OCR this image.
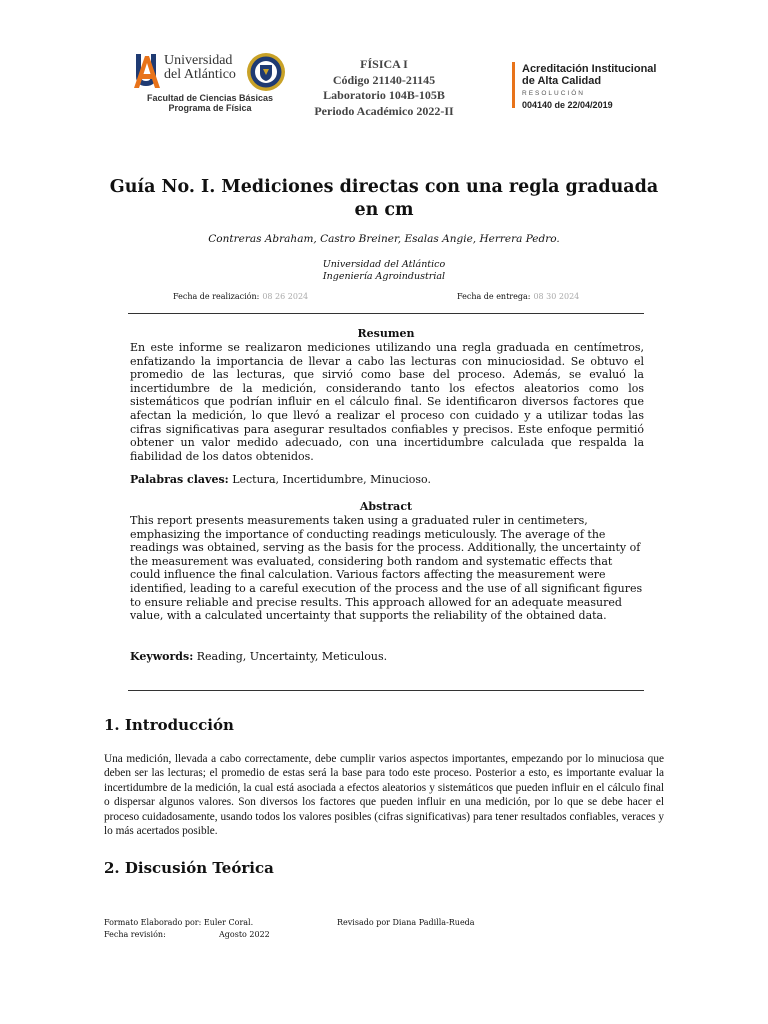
Universidad
del Atlántico
Facultad de Ciencias Básicas
Programa de Física
FÍSICA I
Código 21140-21145
Laboratorio 104B-105B
Periodo Académico 2022-II
Acreditación Institucional
de Alta Calidad
RESOLUCIÓN
004140 de 22/04/2019
Guía No. I. Mediciones directas con una regla graduada en cm
Contreras Abraham, Castro Breiner, Esalas Angie, Herrera Pedro.
Universidad del Atlántico
Ingeniería Agroindustrial
Fecha de realización: 08 26 2024	Fecha de entrega: 08 30 2024
Resumen
En este informe se realizaron mediciones utilizando una regla graduada en centímetros, enfatizando la importancia de llevar a cabo las lecturas con minuciosidad. Se obtuvo el promedio de las lecturas, que sirvió como base del proceso. Además, se evaluó la incertidumbre de la medición, considerando tanto los efectos aleatorios como los sistemáticos que podrían influir en el cálculo final. Se identificaron diversos factores que afectan la medición, lo que llevó a realizar el proceso con cuidado y a utilizar todas las cifras significativas para asegurar resultados confiables y precisos. Este enfoque permitió obtener un valor medido adecuado, con una incertidumbre calculada que respalda la fiabilidad de los datos obtenidos.
Palabras claves: Lectura, Incertidumbre, Minucioso.
Abstract
This report presents measurements taken using a graduated ruler in centimeters, emphasizing the importance of conducting readings meticulously. The average of the readings was obtained, serving as the basis for the process. Additionally, the uncertainty of the measurement was evaluated, considering both random and systematic effects that could influence the final calculation. Various factors affecting the measurement were identified, leading to a careful execution of the process and the use of all significant figures to ensure reliable and precise results. This approach allowed for an adequate measured value, with a calculated uncertainty that supports the reliability of the obtained data.
Keywords: Reading, Uncertainty, Meticulous.
1. Introducción
Una medición, llevada a cabo correctamente, debe cumplir varios aspectos importantes, empezando por lo minuciosa que deben ser las lecturas; el promedio de estas será la base para todo este proceso. Posterior a esto, es importante evaluar la incertidumbre de la medición, la cual está asociada a efectos aleatorios y sistemáticos que pueden influir en el cálculo final o dispersar algunos valores. Son diversos los factores que pueden influir en una medición, por lo que se debe hacer el proceso cuidadosamente, usando todos los valores posibles (cifras significativas) para tener resultados confiables, veraces y lo más acertados posible.
2. Discusión Teórica
Formato Elaborado por: Euler Coral.	Revisado por Diana Padilla-Rueda
Fecha revisión:	Agosto 2022
